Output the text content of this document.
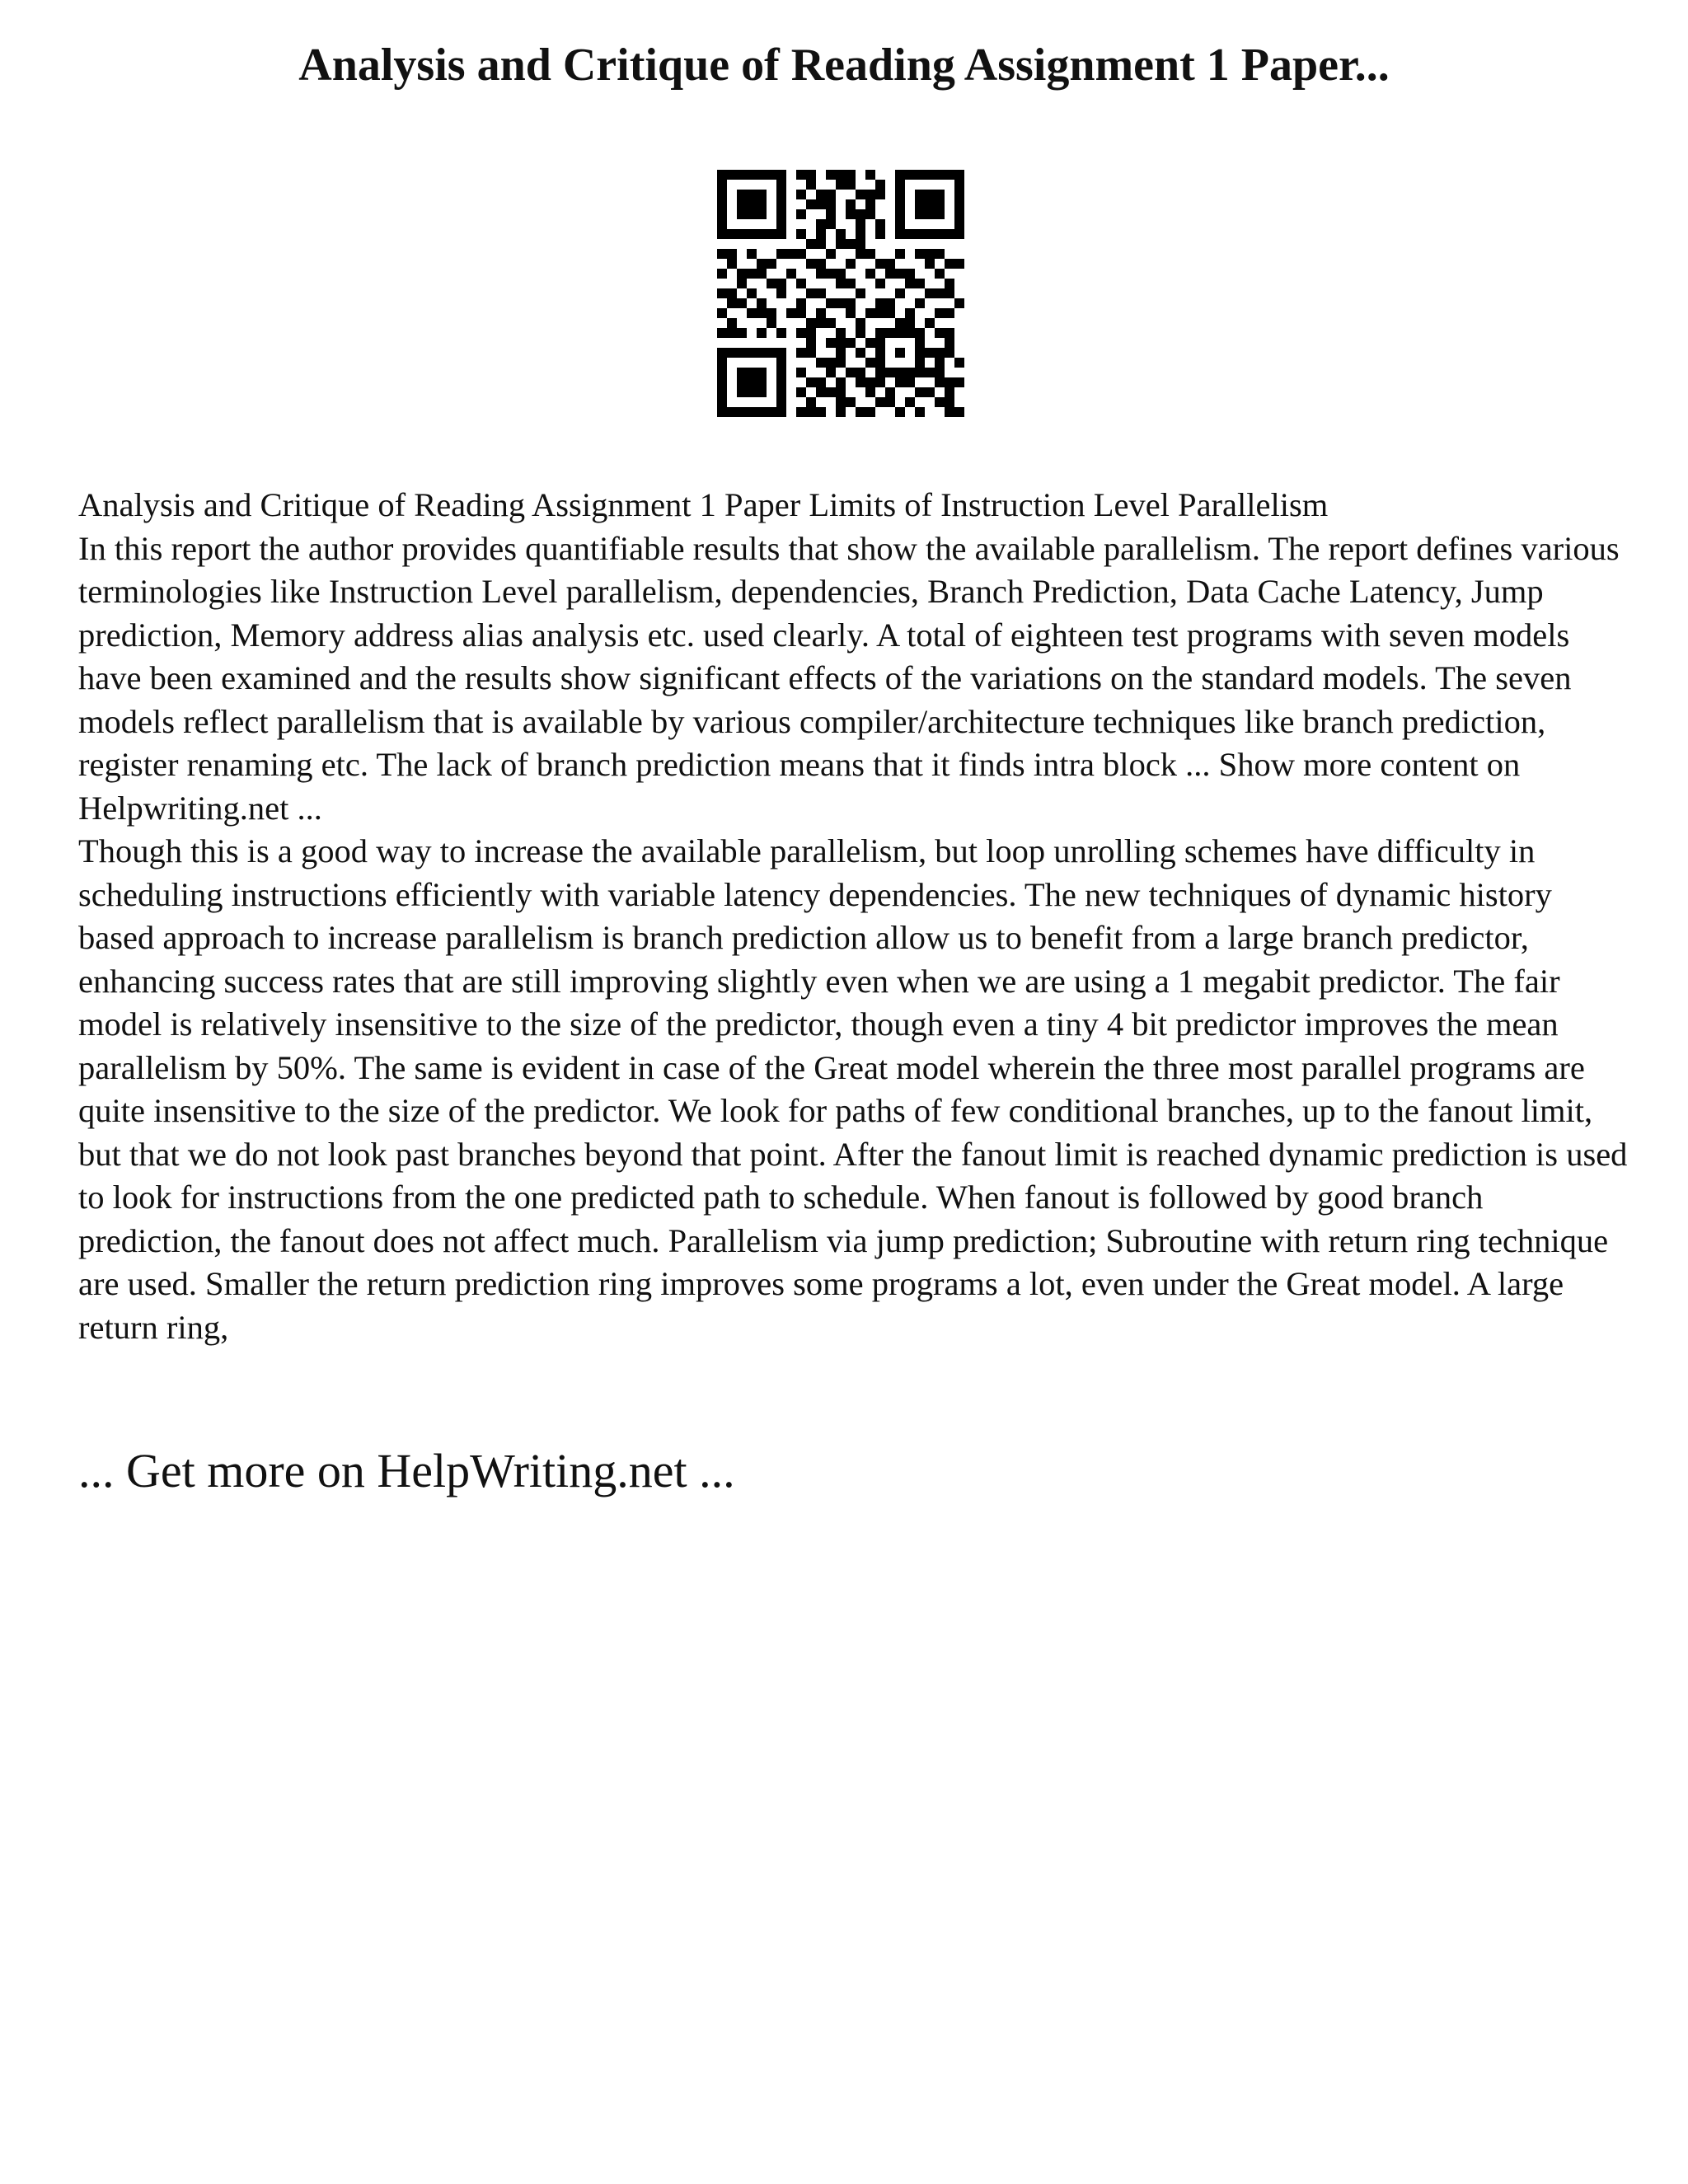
Analysis and Critique of Reading Assignment 1 Paper...

Analysis and Critique of Reading Assignment 1 Paper Limits of Instruction Level Parallelism

In this report the author provides quantifiable results that show the available parallelism. The report defines various terminologies like Instruction Level parallelism, dependencies, Branch Prediction, Data Cache Latency, Jump prediction, Memory address alias analysis etc. used clearly. A total of eighteen test programs with seven models have been examined and the results show significant effects of the variations on the standard models. The seven models reflect parallelism that is available by various compiler/architecture techniques like branch prediction, register renaming etc. The lack of branch prediction means that it finds intra block ... Show more content on Helpwriting.net ...

Though this is a good way to increase the available parallelism, but loop unrolling schemes have difficulty in scheduling instructions efficiently with variable latency dependencies. The new techniques of dynamic history based approach to increase parallelism is branch prediction allow us to benefit from a large branch predictor, enhancing success rates that are still improving slightly even when we are using a 1 megabit predictor. The fair model is relatively insensitive to the size of the predictor, though even a tiny 4 bit predictor improves the mean parallelism by 50%. The same is evident in case of the Great model wherein the three most parallel programs are quite insensitive to the size of the predictor. We look for paths of few conditional branches, up to the fanout limit, but that we do not look past branches beyond that point. After the fanout limit is reached dynamic prediction is used to look for instructions from the one predicted path to schedule. When fanout is followed by good branch prediction, the fanout does not affect much. Parallelism via jump prediction; Subroutine with return ring technique are used. Smaller the return prediction ring improves some programs a lot, even under the Great model. A large return ring,

... Get more on HelpWriting.net ...
